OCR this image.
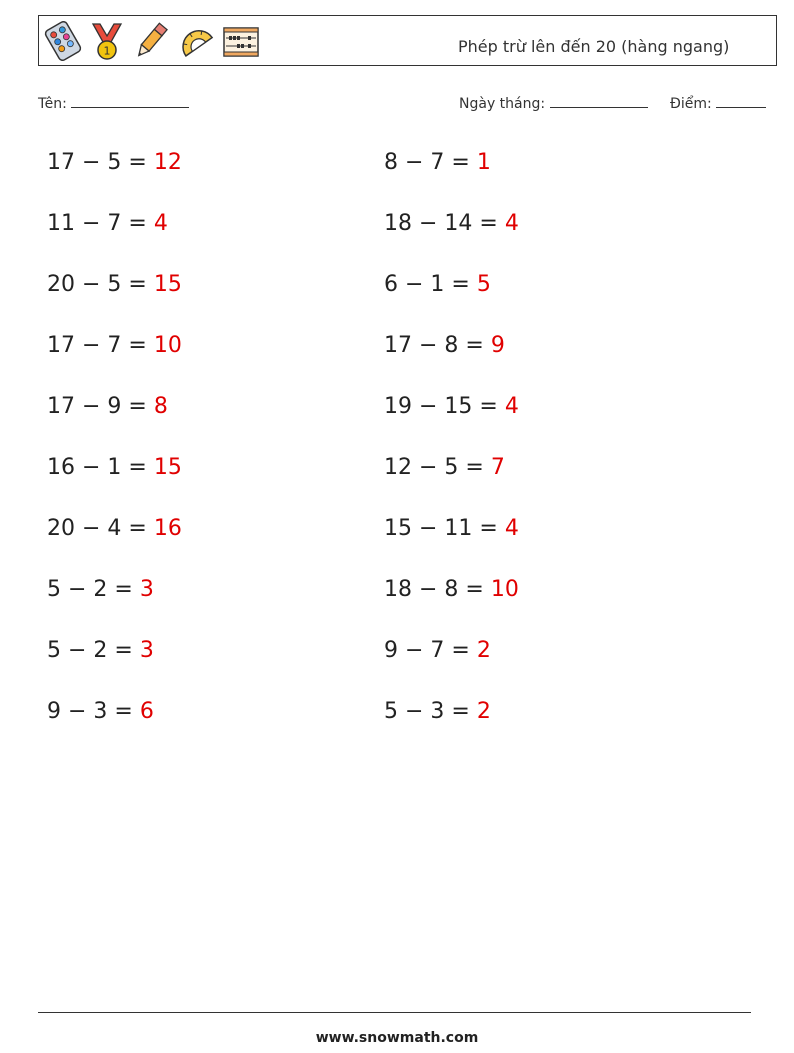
1	Phép trừ lên đến 20 (hàng ngang)
Tên:	Ngày tháng:	Điểm:
17 − 5 = 12
11 − 7 = 4
20 − 5 = 15
17 − 7 = 10
17 − 9 = 8
16 − 1 = 15
20 − 4 = 16
5 − 2 = 3
5 − 2 = 3
9 − 3 = 6
8 − 7 = 1
18 − 14 = 4
6 − 1 = 5
17 − 8 = 9
19 − 15 = 4
12 − 5 = 7
15 − 11 = 4
18 − 8 = 10
9 − 7 = 2
5 − 3 = 2
www.snowmath.com
